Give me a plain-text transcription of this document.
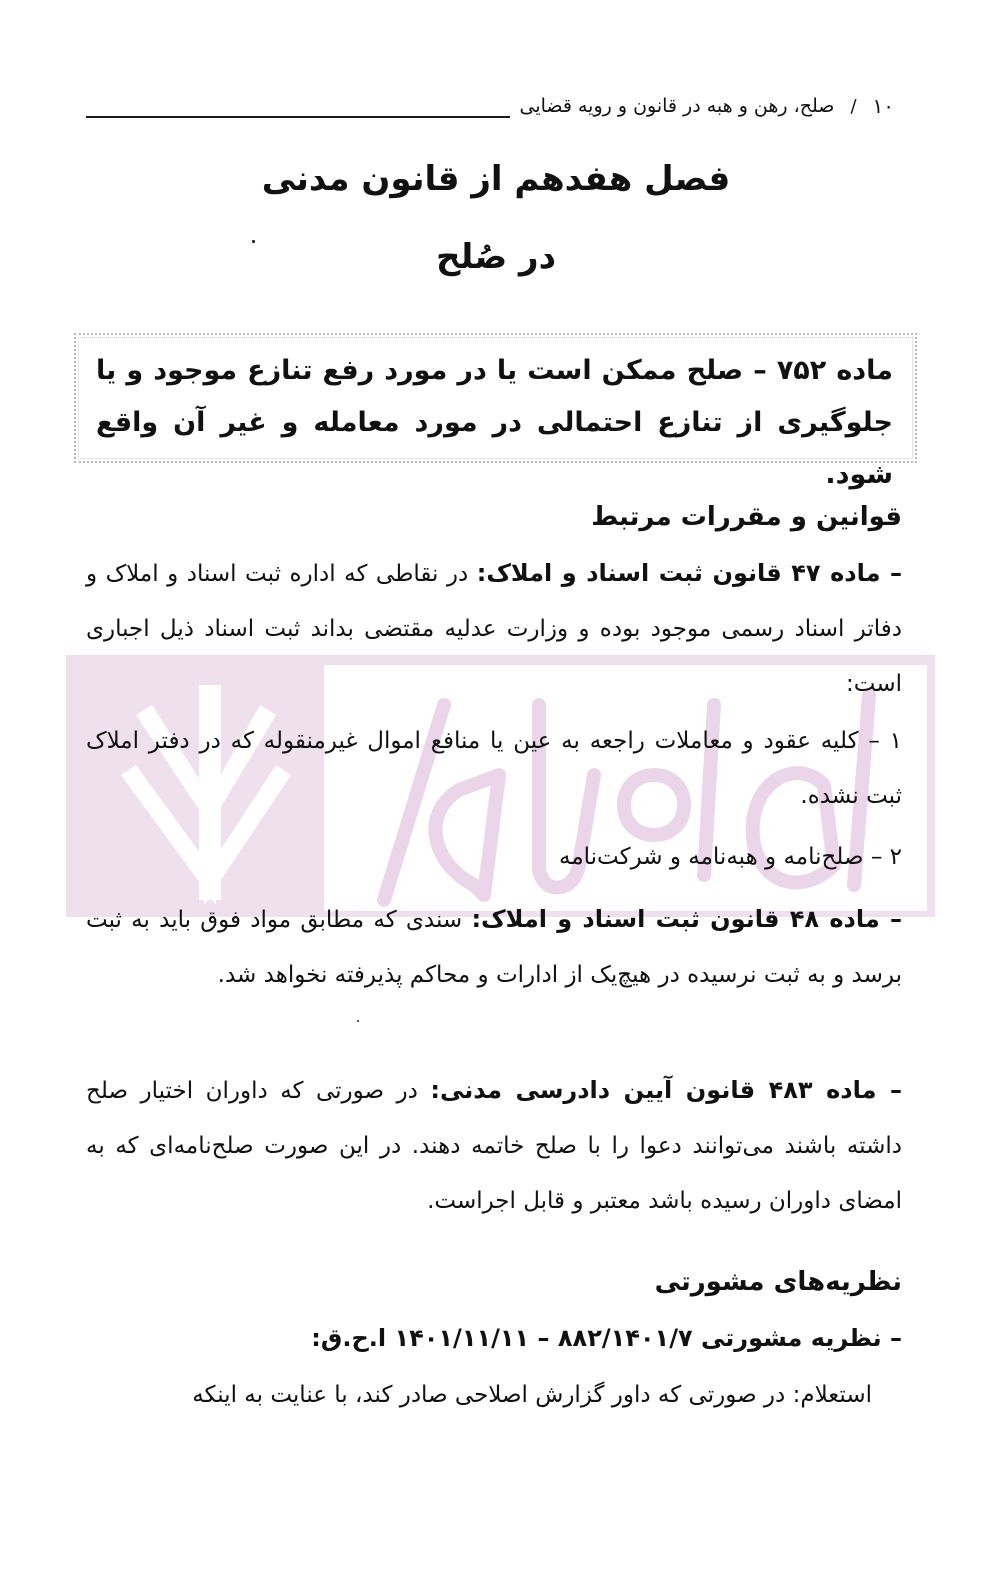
۱۰
/
صلح، رهن و هبه در قانون و رویه قضایی
فصل هفدهم از قانون مدنی
در صُلح

ماده ۷۵۲ – صلح ممکن است یا در مورد رفع تنازع موجود و یا جلوگیری از تنازع احتمالی در مورد معامله و غیر آن واقع شود.

قوانین و مقررات مرتبط
– ماده ۴۷ قانون ثبت اسناد و املاک: در نقاطی که اداره ثبت اسناد و املاک و دفاتر اسناد رسمی موجود بوده و وزارت عدلیه مقتضی بداند ثبت اسناد ذیل اجباری است:
۱ – کلیه عقود و معاملات راجعه به عین یا منافع اموال غیرمنقوله که در دفتر املاک ثبت نشده.
۲ – صلح‌نامه و هبه‌نامه و شرکت‌نامه
– ماده ۴۸ قانون ثبت اسناد و املاک: سندی که مطابق مواد فوق باید به ثبت برسد و به ثبت نرسیده در هیچ‌یک از ادارات و محاکم پذیرفته نخواهد شد.
– ماده ۴۸۳ قانون آیین دادرسی مدنی: در صورتی که داوران اختیار صلح داشته باشند می‌توانند دعوا را با صلح خاتمه دهند. در این صورت صلح‌نامه‌ای که به امضای داوران رسیده باشد معتبر و قابل اجراست.
نظریه‌های مشورتی
– نظریه مشورتی ۸۸۲/۱۴۰۱/۷ – ۱۴۰۱/۱۱/۱۱ ا.ح.ق:
استعلام: در صورتی که داور گزارش اصلاحی صادر کند، با عنایت به اینکه
